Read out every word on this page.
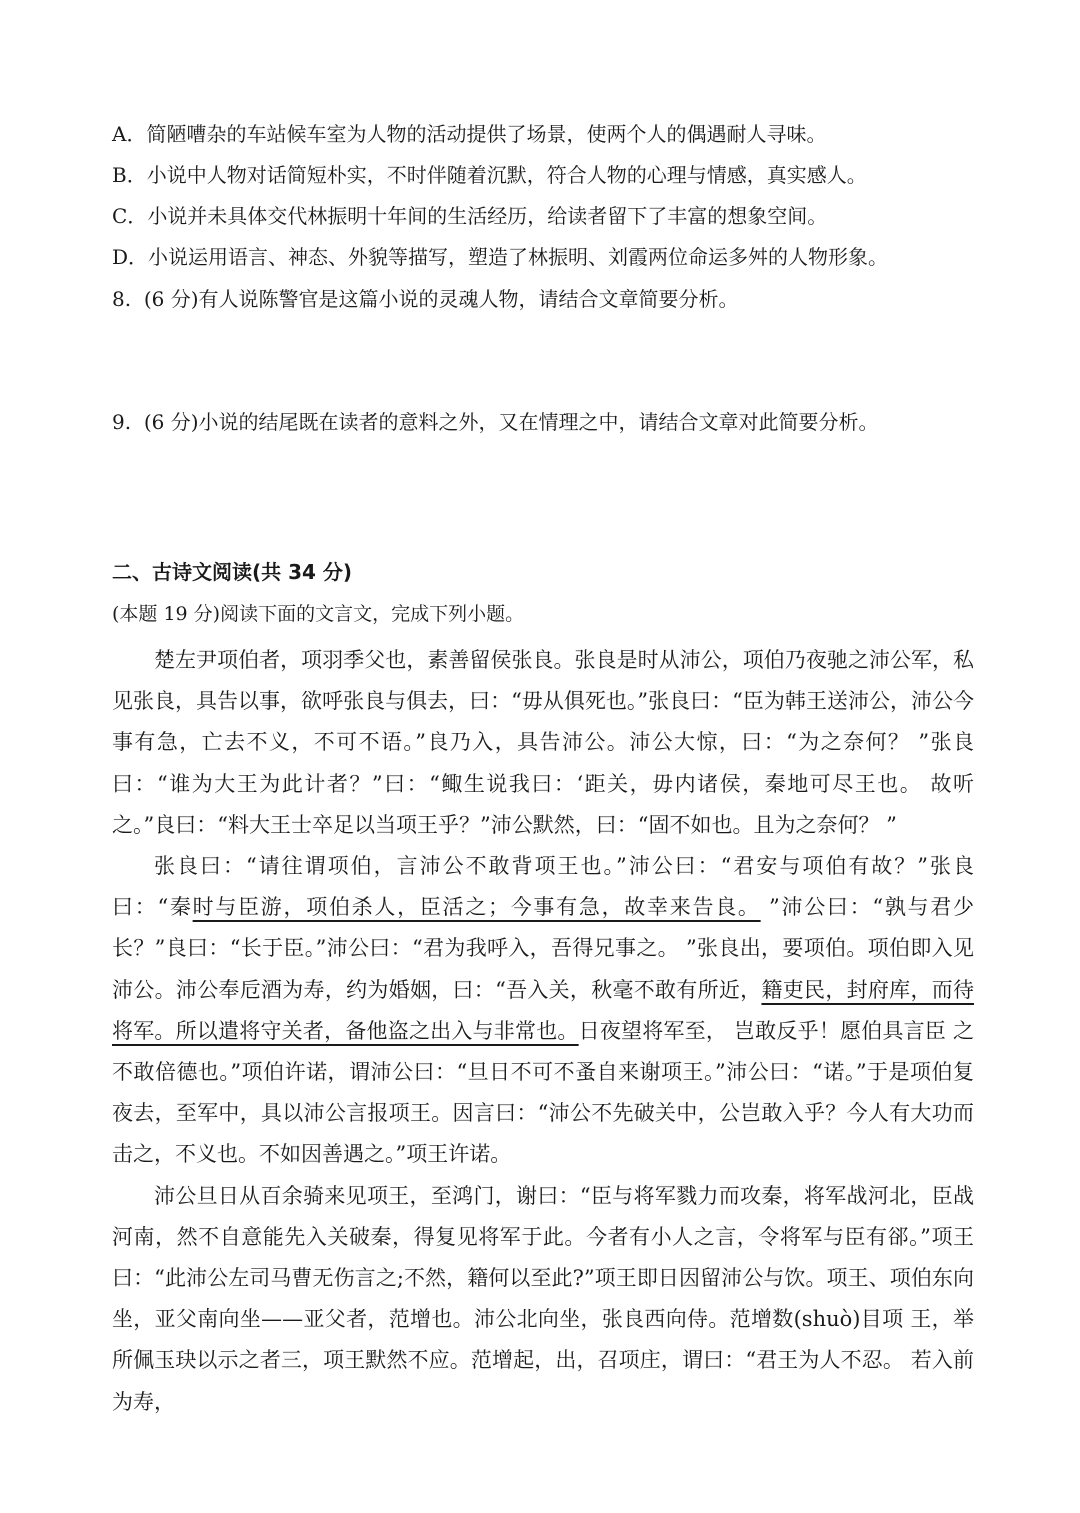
A．简陋嘈杂的车站候车室为人物的活动提供了场景，使两个人的偶遇耐人寻味。
B．小说中人物对话简短朴实，不时伴随着沉默，符合人物的心理与情感，真实感人。
C．小说并未具体交代林振明十年间的生活经历，给读者留下了丰富的想象空间。
D．小说运用语言、神态、外貌等描写，塑造了林振明、刘霞两位命运多舛的人物形象。
8. (6 分)有人说陈警官是这篇小说的灵魂人物，请结合文章简要分析。
9. (6 分)小说的结尾既在读者的意料之外，又在情理之中，请结合文章对此简要分析。
二、古诗文阅读(共 34 分)
(本题 19 分)阅读下面的文言文，完成下列小题。

楚左尹项伯者，项羽季父也，素善留侯张良。张良是时从沛公，项伯乃夜驰之沛公军，私见张良，具告以事，欲呼张良与俱去，曰：“毋从俱死也。”张良曰：“臣为韩王送沛公，沛公今事有急，亡去不义，不可不语。”良乃入，具告沛公。沛公大惊，曰：“为之奈何？ ”张良曰：“谁为大王为此计者？”曰：“鲰生说我曰：‘距关，毋内诸侯，秦地可尽王也。 故听之。”良曰：“料大王士卒足以当项王乎？”沛公默然，曰：“固不如也。且为之奈何？ ”

张良曰：“请往谓项伯，言沛公不敢背项王也。”沛公曰：“君安与项伯有故？”张良曰：“秦时与臣游，项伯杀人，臣活之；今事有急，故幸来告良。 ”沛公曰：“孰与君少长？”良曰：“长于臣。”沛公曰：“君为我呼入，吾得兄事之。 ”张良出，要项伯。项伯即入见沛公。沛公奉卮酒为寿，约为婚姻，曰：“吾入关，秋毫不敢有所近，籍吏民，封府库，而待将军。所以遣将守关者，备他盗之出入与非常也。日夜望将军至， 岂敢反乎！愿伯具言臣 之不敢倍德也。”项伯许诺，谓沛公曰：“旦日不可不蚤自来谢项王。”沛公曰：“诺。”于是项伯复夜去，至军中，具以沛公言报项王。因言曰：“沛公不先破关中，公岂敢入乎？今人有大功而击之，不义也。不如因善遇之。”项王许诺。

沛公旦日从百余骑来见项王，至鸿门，谢曰：“臣与将军戮力而攻秦，将军战河北，臣战河南，然不自意能先入关破秦，得复见将军于此。今者有小人之言，令将军与臣有郤。”项王曰：“此沛公左司马曹无伤言之;不然，籍何以至此?”项王即日因留沛公与饮。项王、项伯东向坐，亚父南向坐——亚父者，范增也。沛公北向坐，张良西向侍。范增数(shuò)目项 王，举所佩玉玦以示之者三，项王默然不应。范增起，出，召项庄，谓曰：“君王为人不忍。 若入前为寿，
